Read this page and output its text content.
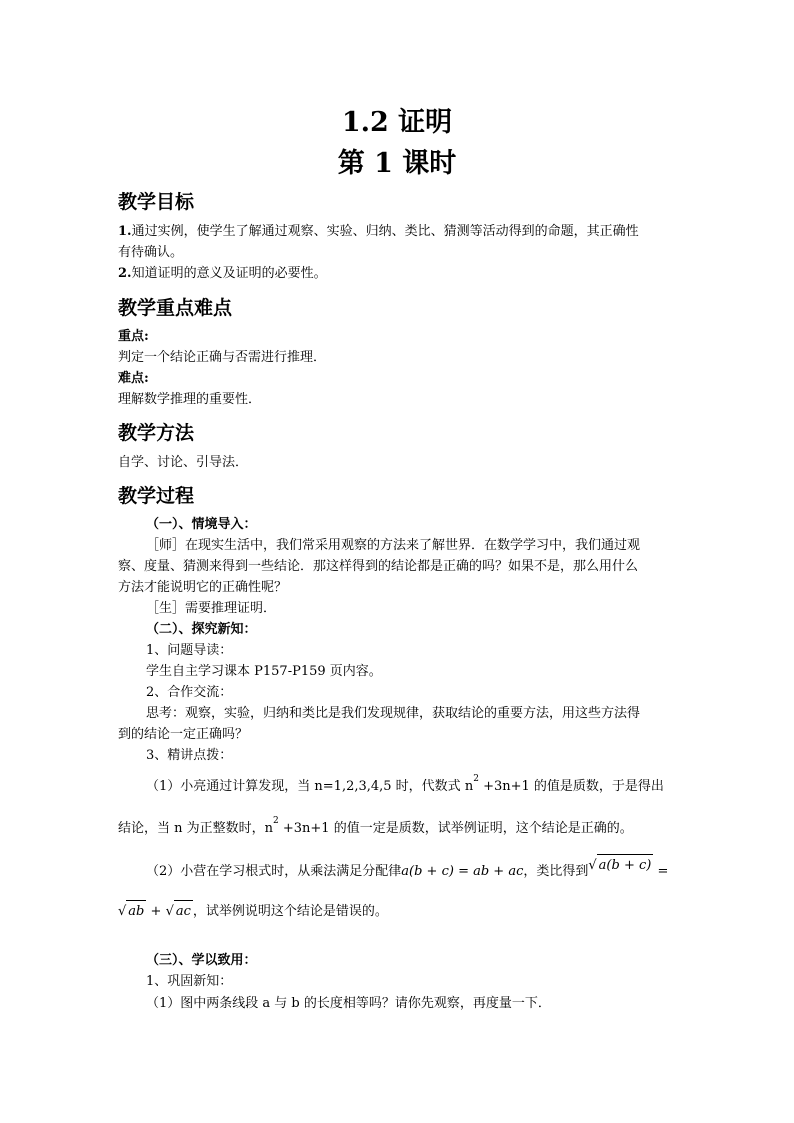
1.2 证明
第 1 课时
教学目标
1.通过实例，使学生了解通过观察、实验、归纳、类比、猜测等活动得到的命题，其正确性
有待确认。
2.知道证明的意义及证明的必要性。
教学重点难点
重点:
判定一个结论正确与否需进行推理．
难点:
理解数学推理的重要性．
教学方法
自学、讨论、引导法．
教学过程
（一）、情境导入：
［师］在现实生活中，我们常采用观察的方法来了解世界．在数学学习中，我们通过观
察、度量、猜测来得到一些结论．那这样得到的结论都是正确的吗？如果不是，那么用什么
方法才能说明它的正确性呢？
［生］需要推理证明．
（二）、探究新知：
1、问题导读：
学生自主学习课本 P157-P159 页内容。
2、合作交流：
思考：观察，实验，归纳和类比是我们发现规律，获取结论的重要方法，用这些方法得
到的结论一定正确吗？
3、精讲点拨：
（1）小亮通过计算发现，当 n=1,2,3,4,5 时，代数式 $n^2 +3n+1$ 的值是质数，于是得出
结论，当 n 为正整数时，$n^2 +3n+1$ 的值一定是质数，试举例证明，这个结论是正确的。
（2）小营在学习根式时，从乘法满足分配律a(b + c) = ab + ac，类比得到√ a(b + c) =
√ ab + √ ac ，试举例说明这个结论是错误的。
（三）、学以致用：
1、巩固新知：
（1）图中两条线段 a 与 b 的长度相等吗？请你先观察，再度量一下．
